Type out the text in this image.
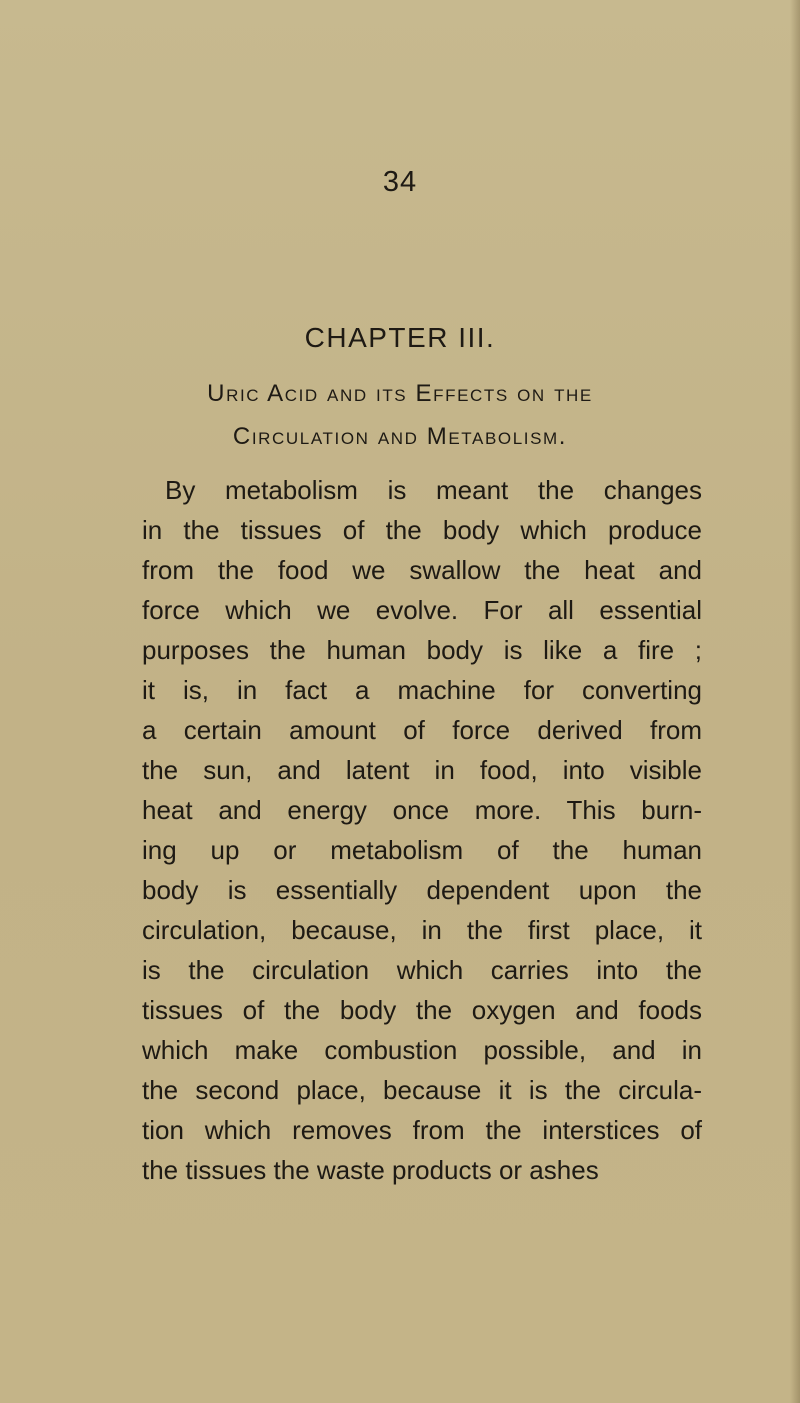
34
CHAPTER III.
Uric Acid and its Effects on the
Circulation and Metabolism.
By metabolism is meant the changes
in the tissues of the body which produce
from the food we swallow the heat and
force which we evolve. For all essential
purposes the human body is like a fire ;
it is, in fact a machine for converting
a certain amount of force derived from
the sun, and latent in food, into visible
heat and energy once more. This burn-
ing up or metabolism of the human
body is essentially dependent upon the
circulation, because, in the first place, it
is the circulation which carries into the
tissues of the body the oxygen and foods
which make combustion possible, and in
the second place, because it is the circula-
tion which removes from the interstices of
the tissues the waste products or ashes
